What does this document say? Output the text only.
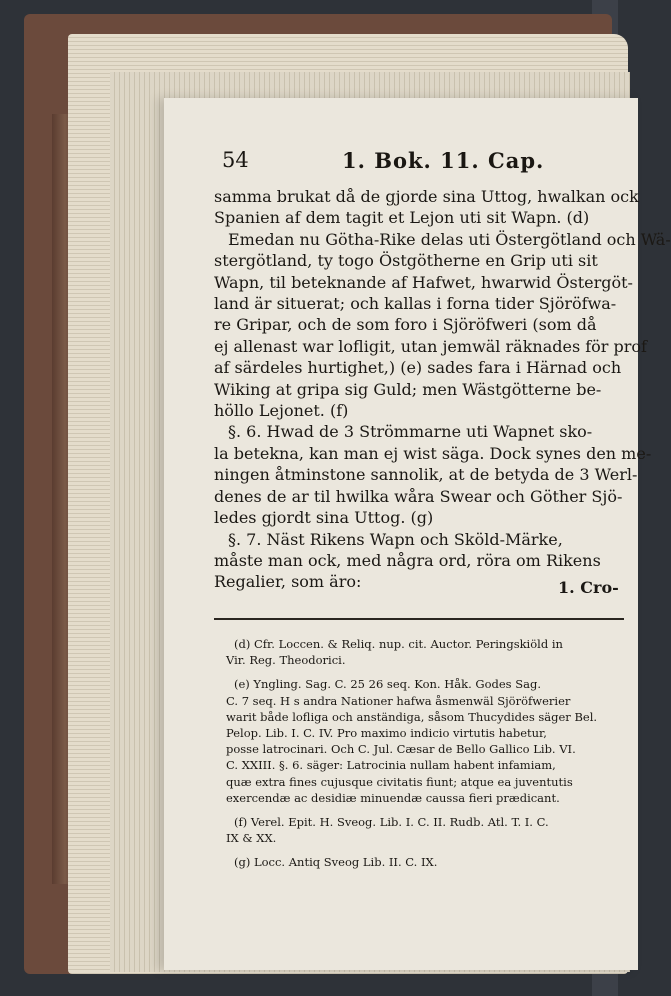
54	1. Bok. 11. Cap.
samma brukat då de gjorde sina Uttog, hwalkan ock
Spanien af dem tagit et Lejon uti sit Wapn. (d)
Emedan nu Götha-Rike delas uti Östergötland och Wä-
stergötland, ty togo Östgötherne en Grip uti sit
Wapn, til beteknande af Hafwet, hwarwid Östergöt-
land är situerat; och kallas i forna tider Sjöröfwa-
re Gripar, och de som foro i Sjöröfweri (som då
ej allenast war lofligit, utan jemwäl räknades för prof
af särdeles hurtighet,) (e) sades fara i Härnad och
Wiking at gripa sig Guld; men Wästgötterne be-
höllo Lejonet. (f)
§. 6. Hwad de 3 Strömmarne uti Wapnet sko-
la betekna, kan man ej wist säga. Dock synes den me-
ningen åtminstone sannolik, at de betyda de 3 Werl-
denes de ar til hwilka wåra Swear och Göther Sjö-
ledes gjordt sina Uttog. (g)
§. 7. Näst Rikens Wapn och Sköld-Märke,
måste man ock, med några ord, röra om Rikens
Regalier, som äro:	1. Cro-
(d) Cfr. Loccen. & Reliq. nup. cit. Auctor. Peringskiöld in
Vir. Reg. Theodorici.
(e) Yngling. Sag. C. 25 26 seq. Kon. Håk. Godes Sag.
C. 7 seq. H s andra Nationer hafwa åsmenwäl Sjöröfwerier
warit både lofliga och anständiga, såsom Thucydides säger Bel.
Pelop. Lib. I. C. IV. Pro maximo indicio virtutis habetur,
posse latrocinari. Och C. Jul. Cæsar de Bello Gallico Lib. VI.
C. XXIII. §. 6. säger: Latrocinia nullam habent infamiam,
quæ extra fines cujusque civitatis fiunt; atque ea juventutis
exercendæ ac desidiæ minuendæ caussa fieri prædicant.
(f) Verel. Epit. H. Sveog. Lib. I. C. II. Rudb. Atl. T. I. C.
IX & XX.
(g) Locc. Antiq Sveog Lib. II. C. IX.
